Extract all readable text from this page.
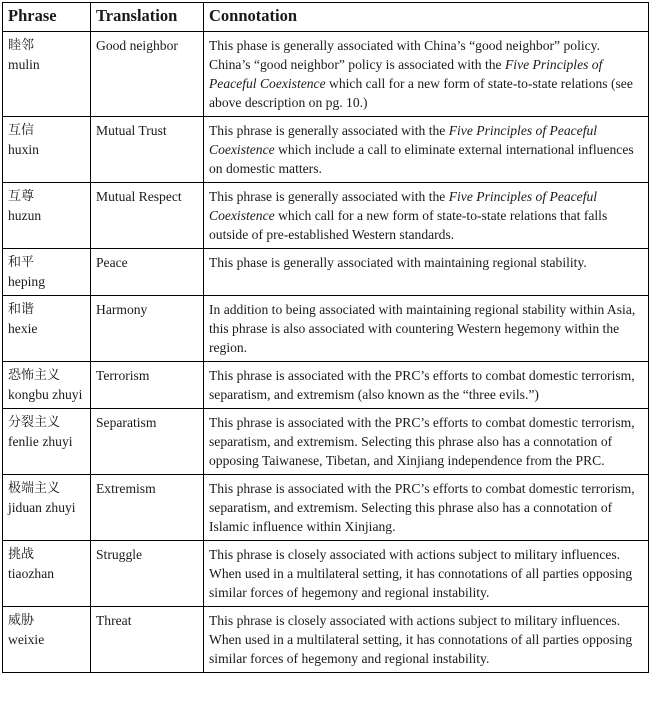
Phrase	Translation	Connotation

睦邻
mulin	Good neighbor	This phase is generally associated with China’s “good neighbor” policy. China’s “good neighbor” policy is associated with the Five Principles of Peaceful Coexistence which call for a new form of state-to-state relations (see above description on pg. 10.)

互信
huxin	Mutual Trust	This phrase is generally associated with the Five Principles of Peaceful Coexistence which include a call to eliminate external international influences on domestic matters.

互尊
huzun	Mutual Respect	This phrase is generally associated with the Five Principles of Peaceful Coexistence which call for a new form of state-to-state relations that falls outside of pre-established Western standards.

和平
heping	Peace	This phase is generally associated with maintaining regional stability.

和谐
hexie	Harmony	In addition to being associated with maintaining regional stability within Asia, this phrase is also associated with countering Western hegemony within the region.

恐怖主义
kongbu zhuyi	Terrorism	This phrase is associated with the PRC’s efforts to combat domestic terrorism, separatism, and extremism (also known as the “three evils.”)

分裂主义
fenlie zhuyi	Separatism	This phrase is associated with the PRC’s efforts to combat domestic terrorism, separatism, and extremism. Selecting this phrase also has a connotation of opposing Taiwanese, Tibetan, and Xinjiang independence from the PRC.

极端主义
jiduan zhuyi	Extremism	This phrase is associated with the PRC’s efforts to combat domestic terrorism, separatism, and extremism. Selecting this phrase also has a connotation of Islamic influence within Xinjiang.

挑战
tiaozhan	Struggle	This phrase is closely associated with actions subject to military influences. When used in a multilateral setting, it has connotations of all parties opposing similar forces of hegemony and regional instability.

威胁
weixie	Threat	This phrase is closely associated with actions subject to military influences. When used in a multilateral setting, it has connotations of all parties opposing similar forces of hegemony and regional instability.
